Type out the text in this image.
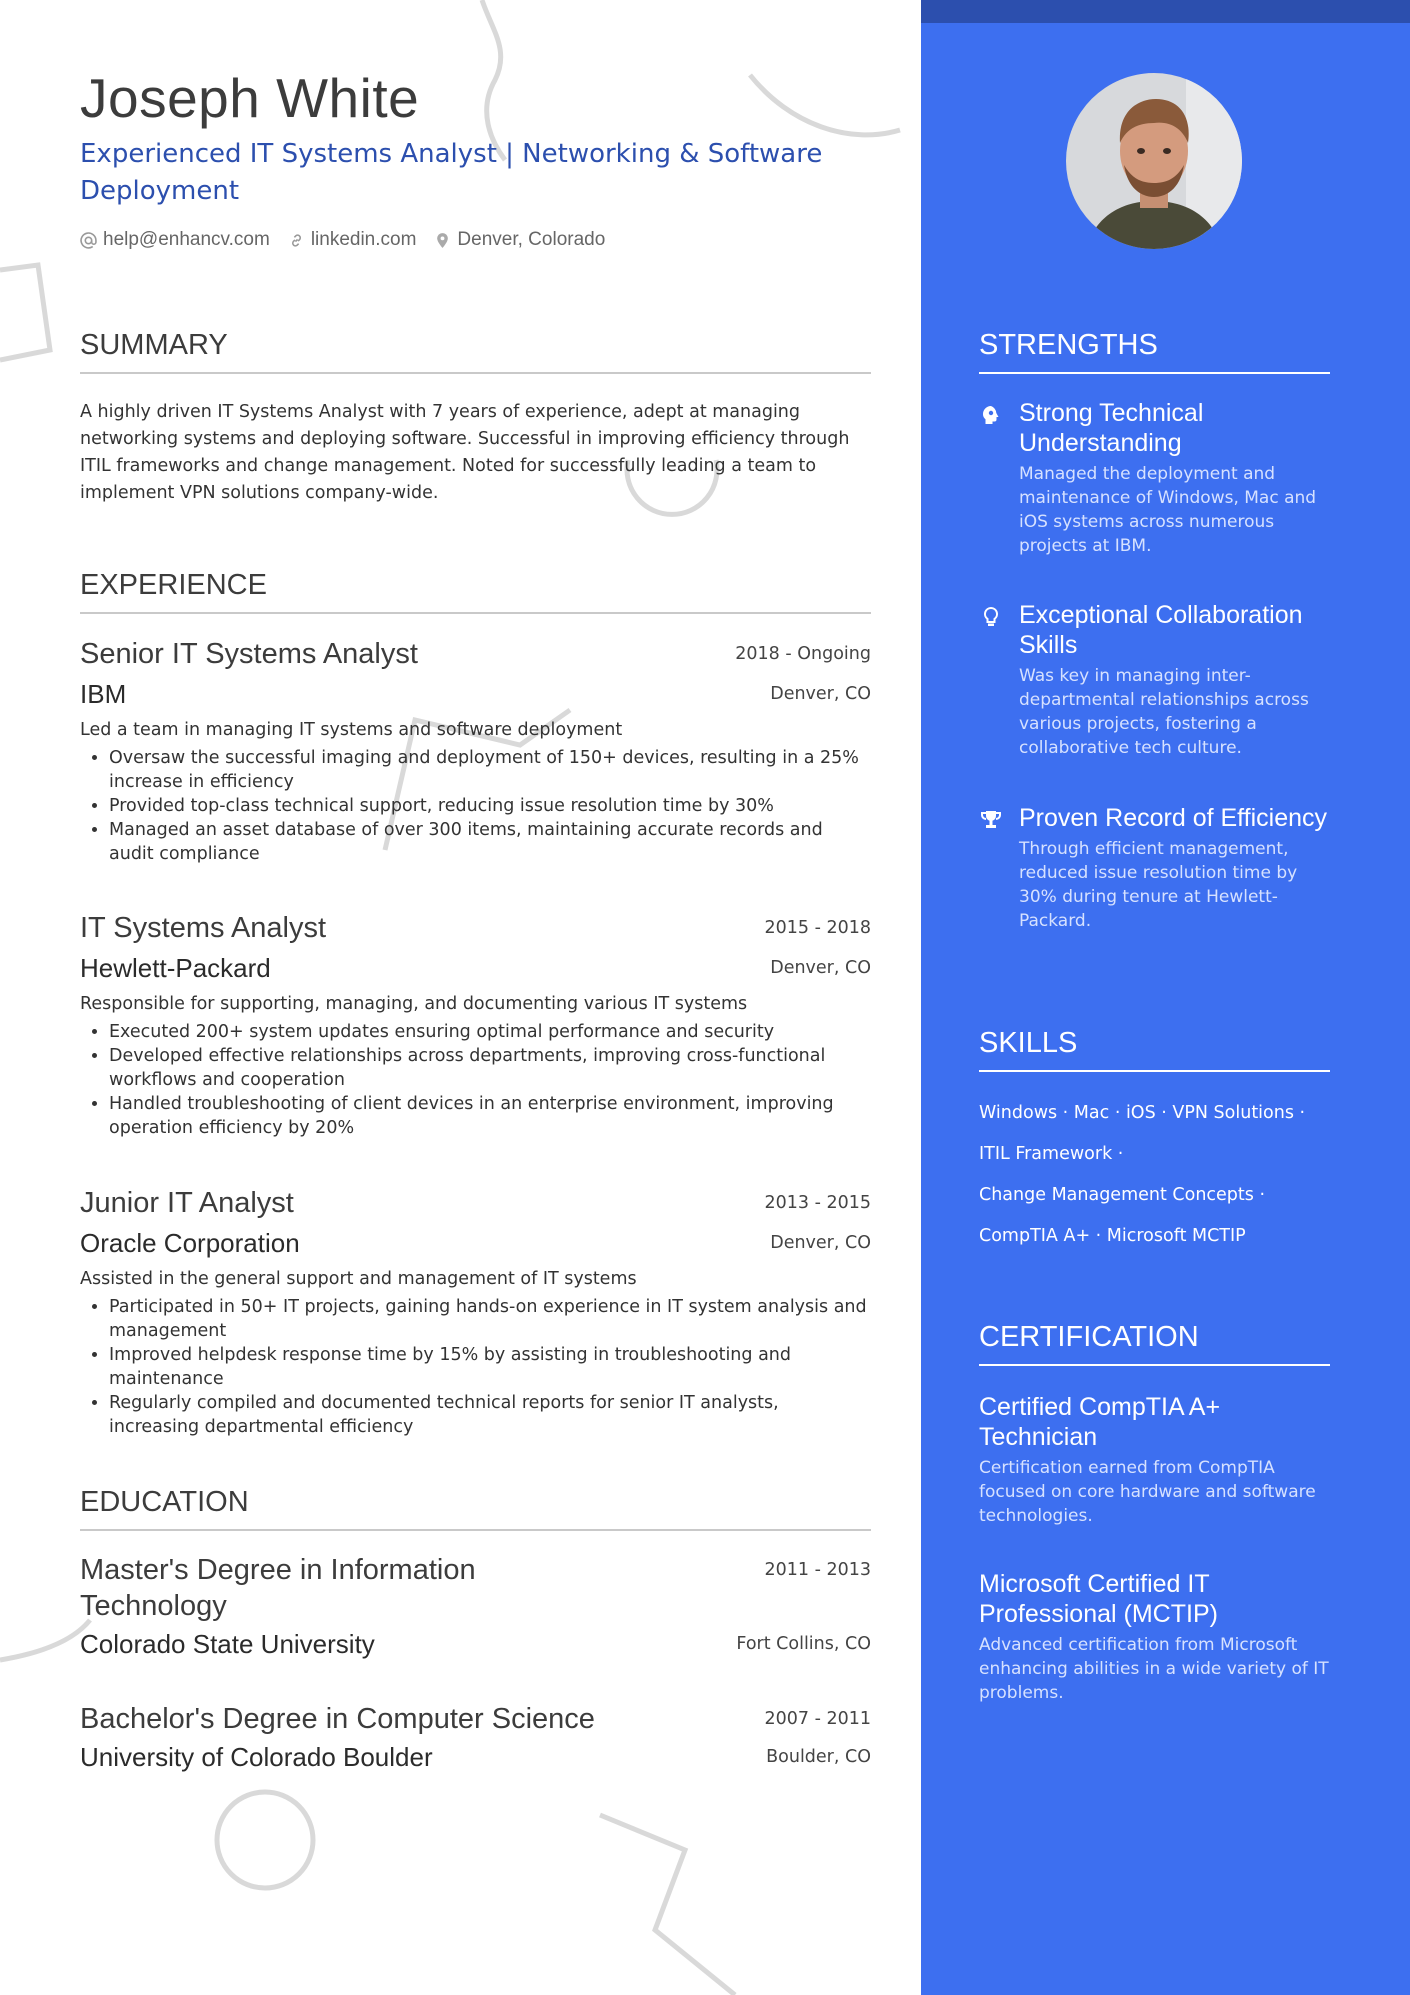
Joseph White
Experienced IT Systems Analyst | Networking & Software Deployment
help@enhancv.com linkedin.com Denver, Colorado
SUMMARY
A highly driven IT Systems Analyst with 7 years of experience, adept at managing networking systems and deploying software. Successful in improving efficiency through ITIL frameworks and change management. Noted for successfully leading a team to implement VPN solutions company-wide.
EXPERIENCE
Senior IT Systems Analyst	2018 - Ongoing
IBM	Denver, CO
Led a team in managing IT systems and software deployment
• Oversaw the successful imaging and deployment of 150+ devices, resulting in a 25% increase in efficiency
• Provided top-class technical support, reducing issue resolution time by 30%
• Managed an asset database of over 300 items, maintaining accurate records and audit compliance
IT Systems Analyst	2015 - 2018
Hewlett-Packard	Denver, CO
Responsible for supporting, managing, and documenting various IT systems
• Executed 200+ system updates ensuring optimal performance and security
• Developed effective relationships across departments, improving cross-functional workflows and cooperation
• Handled troubleshooting of client devices in an enterprise environment, improving operation efficiency by 20%
Junior IT Analyst	2013 - 2015
Oracle Corporation	Denver, CO
Assisted in the general support and management of IT systems
• Participated in 50+ IT projects, gaining hands-on experience in IT system analysis and management
• Improved helpdesk response time by 15% by assisting in troubleshooting and maintenance
• Regularly compiled and documented technical reports for senior IT analysts, increasing departmental efficiency
EDUCATION
Master's Degree in Information Technology
2011 - 2013
Colorado State University	Fort Collins, CO
Bachelor's Degree in Computer Science	2007 - 2011
University of Colorado Boulder	Boulder, CO
STRENGTHS
Strong Technical Understanding
Managed the deployment and maintenance of Windows, Mac and iOS systems across numerous projects at IBM.
Exceptional Collaboration Skills
Was key in managing inter-departmental relationships across various projects, fostering a collaborative tech culture.
Proven Record of Efficiency
Through efficient management, reduced issue resolution time by 30% during tenure at Hewlett-Packard.
SKILLS
Windows · Mac · iOS · VPN Solutions ·
ITIL Framework ·
Change Management Concepts ·
CompTIA A+ · Microsoft MCTIP
CERTIFICATION
Certified CompTIA A+ Technician
Certification earned from CompTIA focused on core hardware and software technologies.
Microsoft Certified IT Professional (MCTIP)
Advanced certification from Microsoft enhancing abilities in a wide variety of IT problems.
